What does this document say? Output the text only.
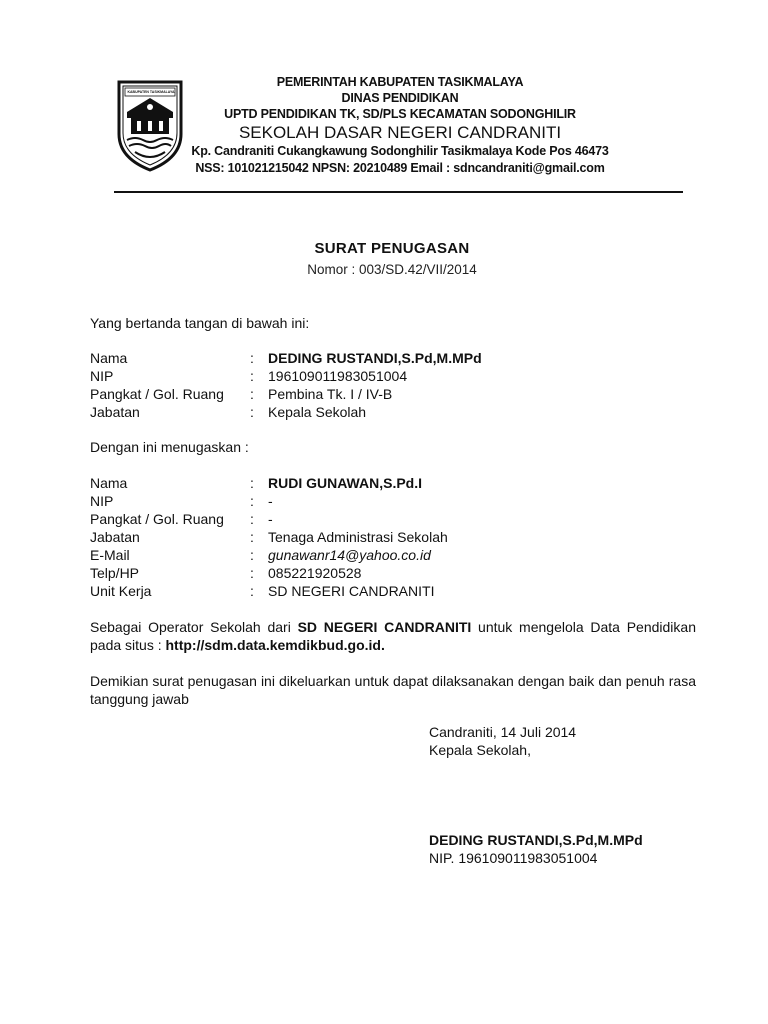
KABUPATEN TASIKMALAYA
PEMERINTAH KABUPATEN TASIKMALAYA
DINAS PENDIDIKAN
UPTD PENDIDIKAN TK, SD/PLS KECAMATAN SODONGHILIR
SEKOLAH DASAR NEGERI CANDRANITI
Kp. Candraniti Cukangkawung Sodonghilir Tasikmalaya Kode Pos 46473
NSS: 101021215042 NPSN: 20210489 Email : sdncandraniti@gmail.com
SURAT PENUGASAN
Nomor : 003/SD.42/VII/2014
Yang bertanda tangan di bawah ini:
Nama	: DEDING RUSTANDI,S.Pd,M.MPd
NIP	: 196109011983051004
Pangkat / Gol. Ruang : Pembina Tk. I / IV-B
Jabatan	: Kepala Sekolah
Dengan ini menugaskan :
Nama	: RUDI GUNAWAN,S.Pd.I
NIP	: -
Pangkat / Gol. Ruang : -
Jabatan	: Tenaga Administrasi Sekolah
E-Mail	: gunawanr14@yahoo.co.id
Telp/HP	: 085221920528
Unit Kerja	: SD NEGERI CANDRANITI
Sebagai Operator Sekolah dari SD NEGERI CANDRANITI untuk mengelola Data Pendidikan pada situs : http://sdm.data.kemdikbud.go.id.
Demikian surat penugasan ini dikeluarkan untuk dapat dilaksanakan dengan baik dan penuh rasa tanggung jawab
Candraniti, 14 Juli 2014
Kepala Sekolah,
DEDING RUSTANDI,S.Pd,M.MPd
NIP. 196109011983051004
